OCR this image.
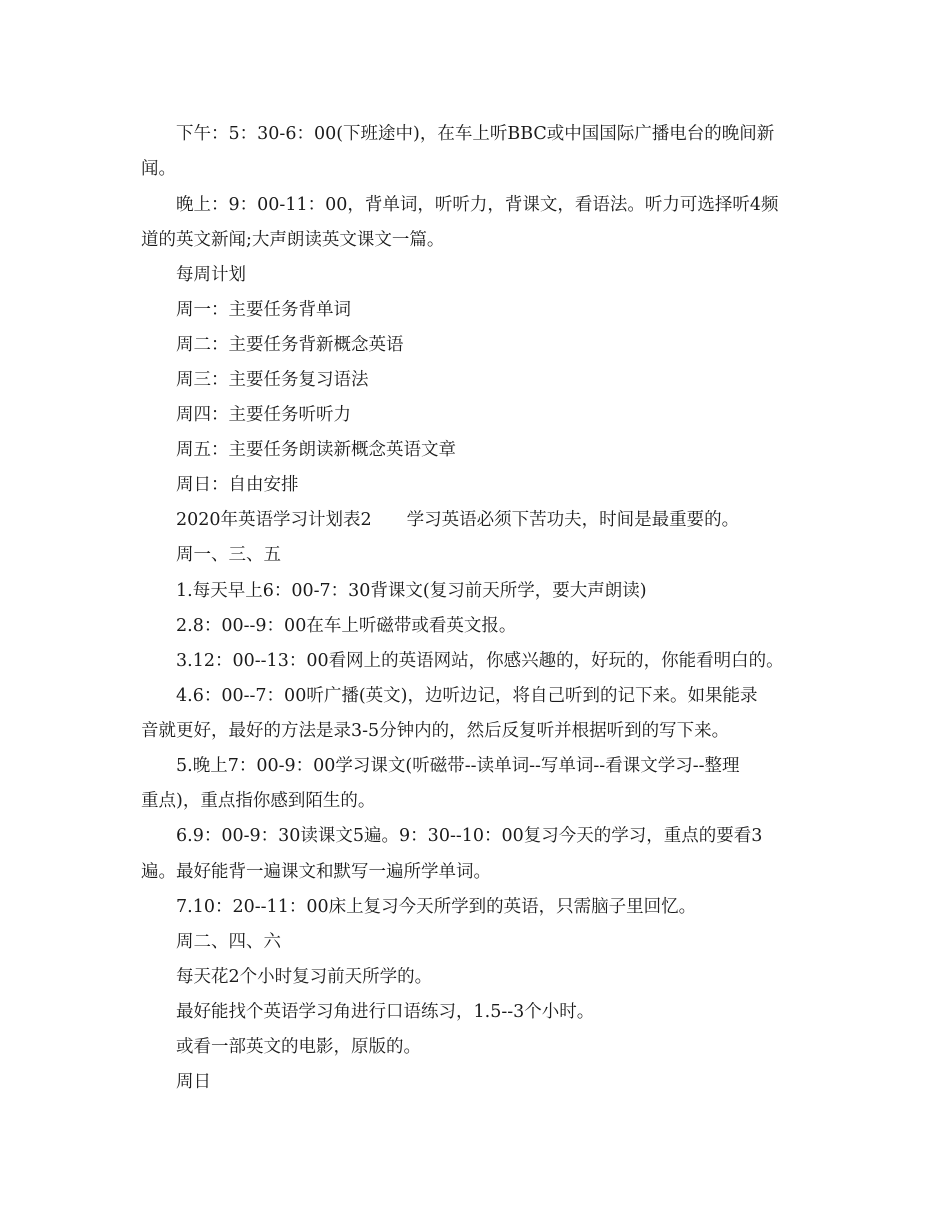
下午：5：30-6：00(下班途中)，在车上听BBC或中国国际广播电台的晚间新
闻。
晚上：9：00-11：00，背单词，听听力，背课文，看语法。听力可选择听4频
道的英文新闻;大声朗读英文课文一篇。
每周计划
周一：主要任务背单词
周二：主要任务背新概念英语
周三：主要任务复习语法
周四：主要任务听听力
周五：主要任务朗读新概念英语文章
周日：自由安排
2020年英语学习计划表2　　学习英语必须下苦功夫，时间是最重要的。
周一、三、五
1.每天早上6：00-7：30背课文(复习前天所学，要大声朗读)
2.8：00--9：00在车上听磁带或看英文报。
3.12：00--13：00看网上的英语网站，你感兴趣的，好玩的，你能看明白的。
4.6：00--7：00听广播(英文)，边听边记，将自己听到的记下来。如果能录
音就更好，最好的方法是录3-5分钟内的，然后反复听并根据听到的写下来。
5.晚上7：00-9：00学习课文(听磁带--读单词--写单词--看课文学习--整理
重点)，重点指你感到陌生的。
6.9：00-9：30读课文5遍。9：30--10：00复习今天的学习，重点的要看3
遍。最好能背一遍课文和默写一遍所学单词。
7.10：20--11：00床上复习今天所学到的英语，只需脑子里回忆。
周二、四、六
每天花2个小时复习前天所学的。
最好能找个英语学习角进行口语练习，1.5--3个小时。
或看一部英文的电影，原版的。
周日
